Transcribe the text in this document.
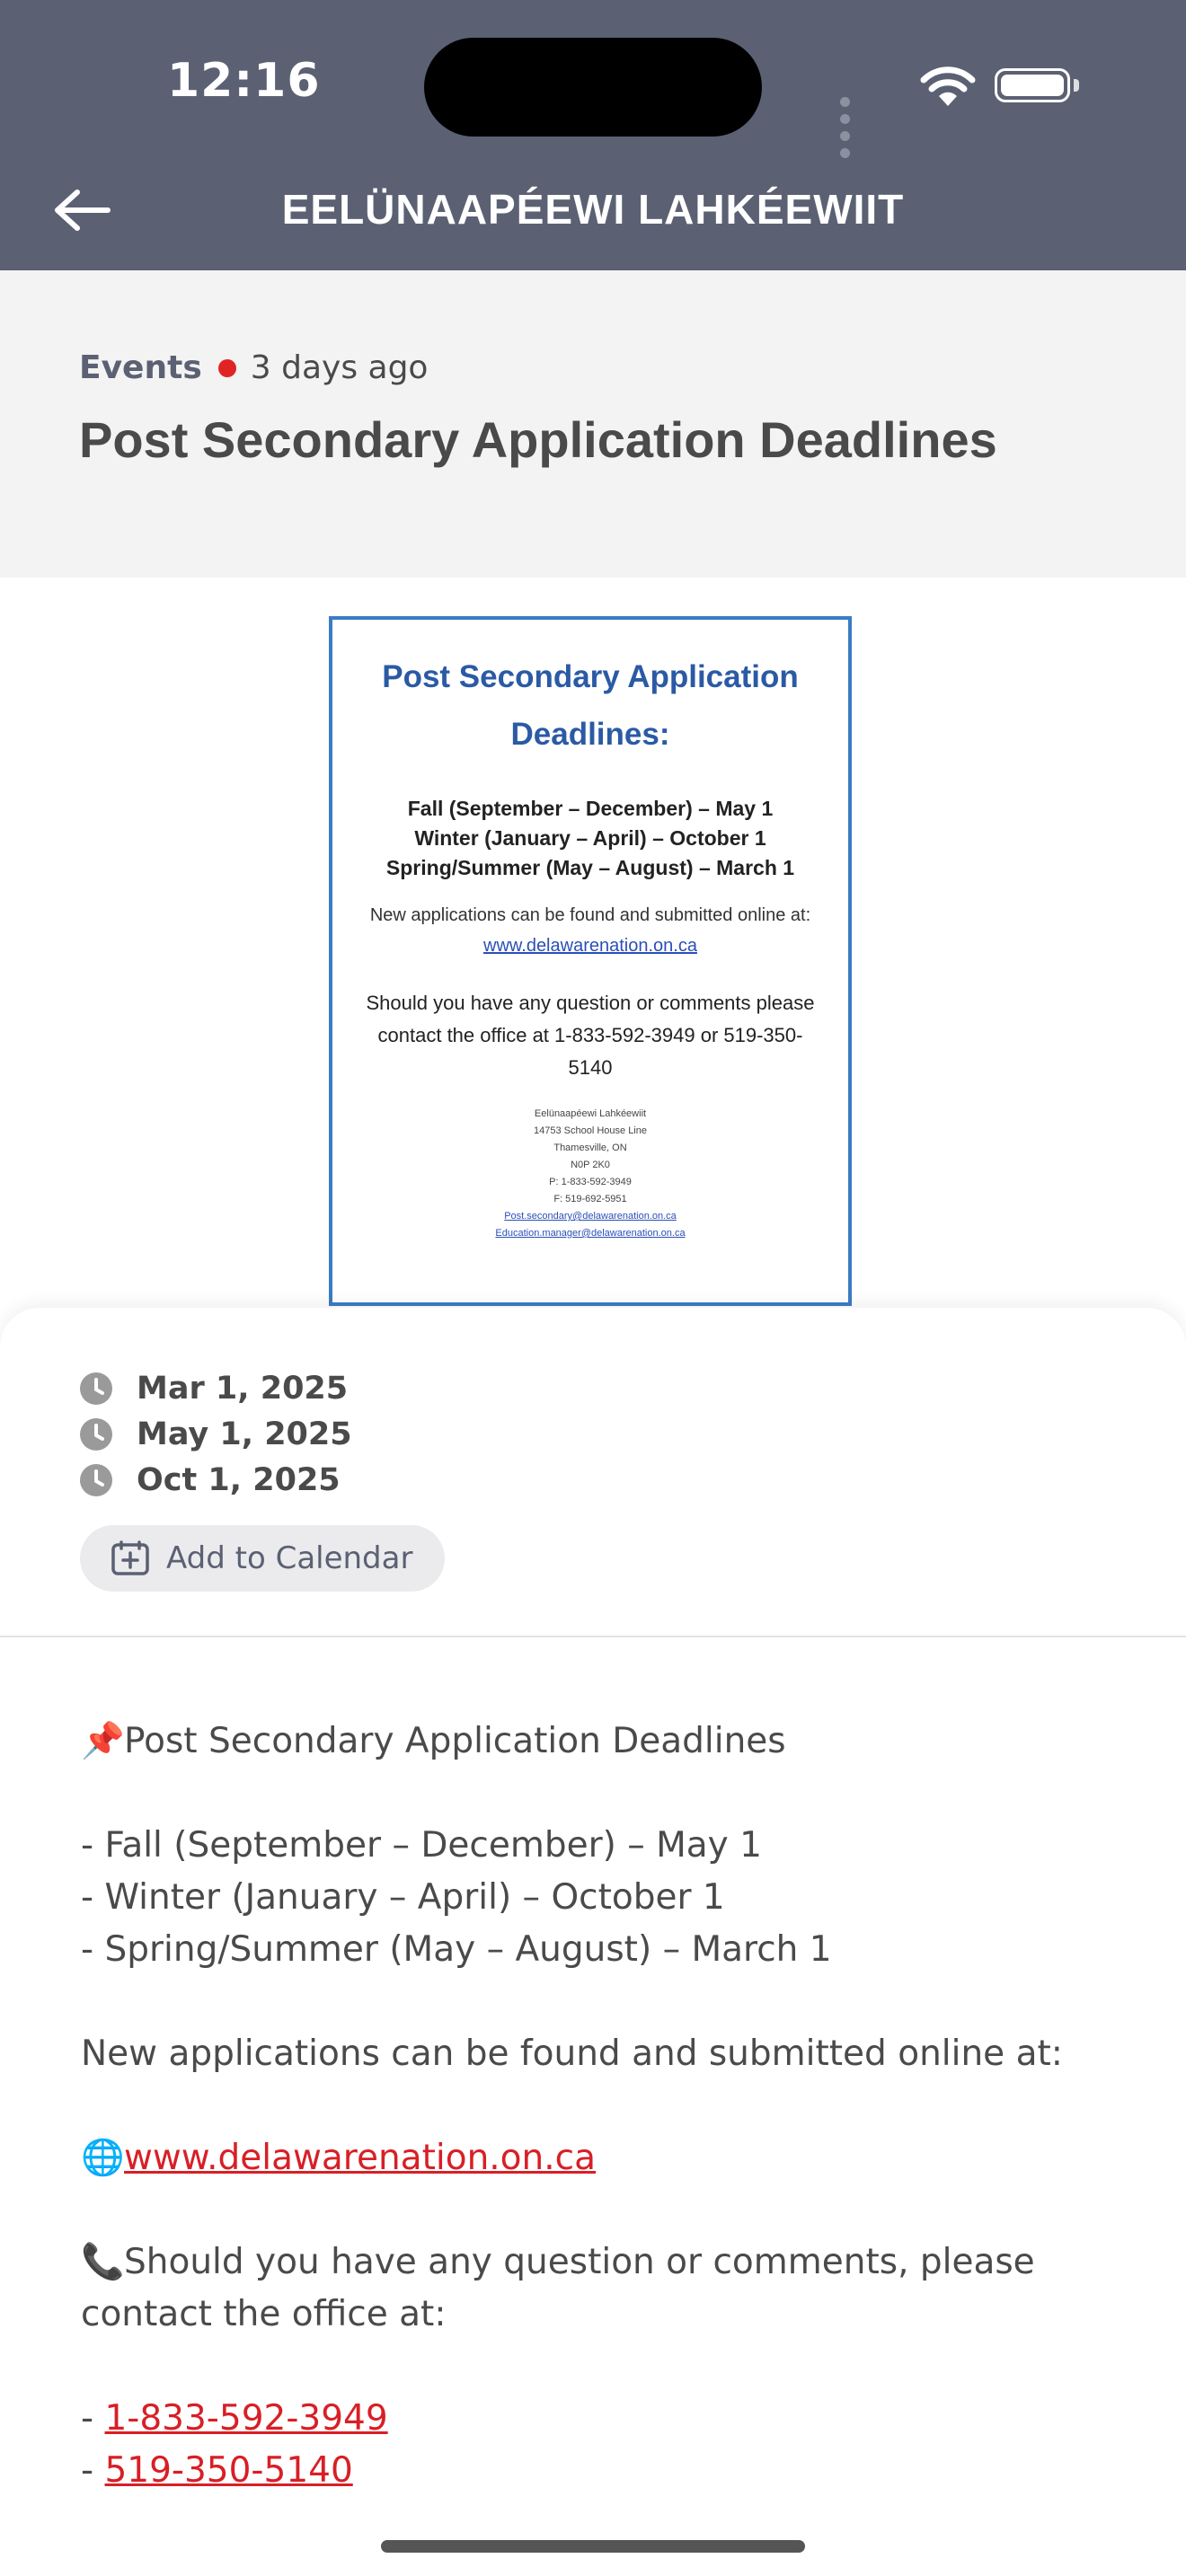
12:16
EELÜNAAPÉEWI LAHKÉEWIIT
Events 3 days ago
Post Secondary Application Deadlines
Post Secondary Application
Deadlines:
Fall (September – December) – May 1
Winter (January – April) – October 1
Spring/Summer (May – August) – March 1
New applications can be found and submitted online at:
www.delawarenation.on.ca
Should you have any question or comments please contact the office at 1-833-592-3949 or 519-350-5140
Eelünaapéewi Lahkéewiit
14753 School House Line
Thamesville, ON
N0P 2K0
P: 1-833-592-3949
F: 519-692-5951
Post.secondary@delawarenation.on.ca
Education.manager@delawarenation.on.ca
Mar 1, 2025
May 1, 2025
Oct 1, 2025
Add to Calendar

📌Post Secondary Application Deadlines

- Fall (September – December) – May 1

- Winter (January – April) – October 1

- Spring/Summer (May – August) – March 1

New applications can be found and submitted online at:

🌐www.delawarenation.on.ca

📞Should you have any question or comments, please contact the office at:

- 1-833-592-3949

- 519-350-5140
